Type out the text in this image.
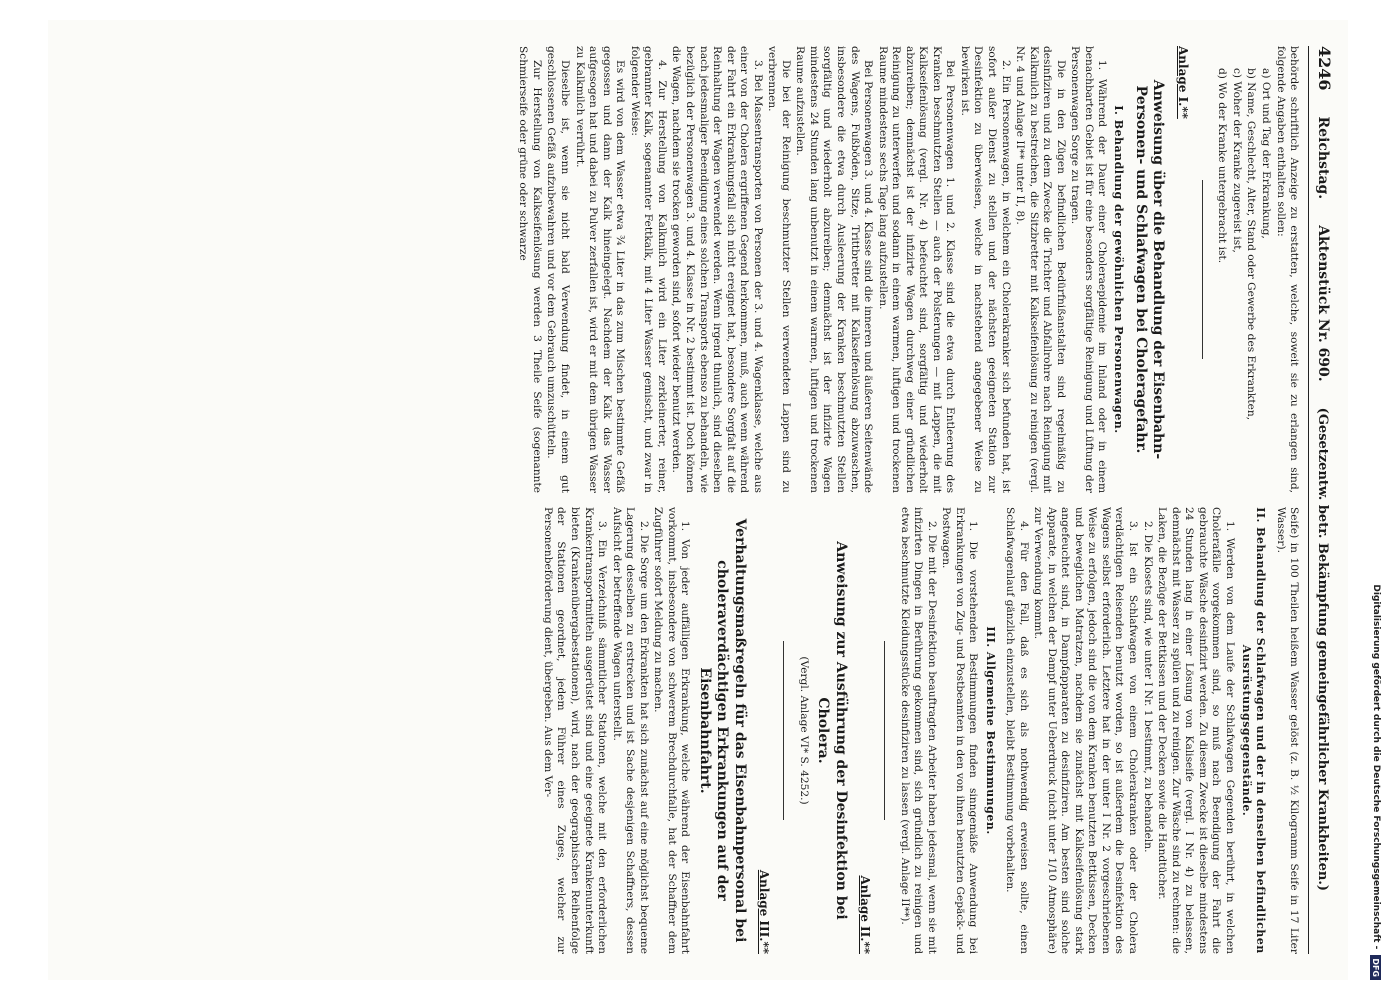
4246
Reichstag.
Aktenstück Nr. 690.
(Gesetzentw. betr. Bekämpfung gemeingefährlicher Krankheiten.)

behörde schriftlich Anzeige zu erstatten, welche, soweit sie zu erlangen sind, folgende Angaben enthalten sollen:

a) Ort und Tag der Erkrankung,

b) Name, Geschlecht, Alter, Stand oder Gewerbe des Erkrankten,

c) Woher der Kranke zugereist ist,

d) Wo der Kranke untergebracht ist.

Anlage I.**
Anweisung über die Behandlung der Eisenbahn-Personen- und Schlafwagen bei Choleragefahr.
I. Behandlung der gewöhnlichen Personenwagen.

1. Während der Dauer einer Choleraepidemie im Inland oder in einem benachbarten Gebiet ist für eine besonders sorgfältige Reinigung und Lüftung der Personenwagen Sorge zu tragen.

Die in den Zügen befindlichen Bedürfnißanstalten sind regelmäßig zu desinfiziren und zu dem Zwecke die Trichter und Abfallrohre nach Reinigung mit Kalkmilch zu bestreichen, die Sitzbretter mit Kalkseifenlösung zu reinigen (vergl. Nr. 4 und Anlage II** unter II, 8).

2. Ein Personenwagen, in welchem ein Cholerakranker sich befunden hat, ist sofort außer Dienst zu stellen und der nächsten geeigneten Station zur Desinfektion zu überweisen, welche in nachstehend angegebener Weise zu bewirken ist.

Bei Personenwagen 1. und 2. Klasse sind die etwa durch Entleerung des Kranken beschmutzten Stellen — auch der Polsterungen — mit Lappen, die mit Kalkseifenlösung (vergl. Nr. 4) befeuchtet sind, sorgfältig und wiederholt abzureiben; demnächst ist der infizirte Wagen durchweg einer gründlichen Reinigung zu unterwerfen und sodann in einem warmen, luftigen und trockenen Raume mindestens sechs Tage lang aufzustellen.

Bei Personenwagen 3. und 4. Klasse sind die inneren und äußeren Seitenwände des Wagens, Fußböden, Sitze, Trittbretter mit Kalkseifenlösung abzuwaschen, insbesondere die etwa durch Ausleerung der Kranken beschmutzten Stellen sorgfältig und wiederholt abzureiben; demnächst ist der infizirte Wagen mindestens 24 Stunden lang unbenutzt in einem warmen, luftigen und trockenen Raume aufzustellen.

Die bei der Reinigung beschmutzter Stellen verwendeten Lappen sind zu verbrennen.

3. Bei Massentransporten von Personen der 3. und 4. Wagenklasse, welche aus einer von der Cholera ergriffenen Gegend herkommen, muß, auch wenn während der Fahrt ein Erkrankungsfall sich nicht ereignet hat, besondere Sorgfalt auf die Reinhaltung der Wagen verwendet werden. Wenn irgend thunlich, sind dieselben nach jedesmaliger Beendigung eines solchen Transports ebenso zu behandeln, wie bezüglich der Personenwagen 3. und 4. Klasse in Nr. 2 bestimmt ist. Doch können die Wagen, nachdem sie trocken geworden sind, sofort wieder benutzt werden.

4. Zur Herstellung von Kalkmilch wird ein Liter zerkleinerter, reiner, gebrannter Kalk, sogenannter Fettkalk, mit 4 Liter Wasser gemischt, und zwar in folgender Weise:

Es wird von dem Wasser etwa ¾ Liter in das zum Mischen bestimmte Gefäß gegossen und dann der Kalk hineingelegt. Nachdem der Kalk das Wasser aufgesogen hat und dabei zu Pulver zerfallen ist, wird er mit dem übrigen Wasser zu Kalkmilch verrührt.

Dieselbe ist, wenn sie nicht bald Verwendung findet, in einem gut geschlossenen Gefäß aufzubewahren und vor dem Gebrauch umzuschütteln.

Zur Herstellung von Kalkseifenlösung werden 3 Theile Seife (sogenannte Schmierseife oder grüne oder schwarze

Seife) in 100 Theilen heißem Wasser gelöst (z. B. ½ Kilogramm Seife in 17 Liter Wasser).

II. Behandlung der Schlafwagen und der in denselben befindlichen Ausrüstungsgegenstände.

1. Werden von dem Laufe der Schlafwagen Gegenden berührt, in welchen Cholerafälle vorgekommen sind, so muß nach Beendigung der Fahrt die gebrauchte Wäsche desinfizirt werden. Zu diesem Zwecke ist dieselbe mindestens 24 Stunden lang in einer Lösung von Kaliseife (vergl. I Nr. 4) zu belassen, demnächst mit Wasser zu spülen und zu reinigen. Zur Wäsche sind zu rechnen: die Laken, die Bezüge der Bettkissen und der Decken sowie die Handtücher.

2. Die Klosets sind, wie unter I Nr. 1 bestimmt, zu behandeln.

3. Ist ein Schlafwagen von einem Cholerakranken oder der Cholera verdächtigen Reisenden benutzt worden, so ist außerdem die Desinfektion des Wagens selbst erforderlich. Letztere hat in der unter I Nr. 2 vorgeschriebenen Weise zu erfolgen, jedoch sind die von dem Kranken benutzten Bettkissen, Decken und beweglichen Matratzen, nachdem sie zunächst mit Kalkseifenlösung stark angefeuchtet sind, in Dampfapparaten zu desinfiziren. Am besten sind solche Apparate, in welchen der Dampf unter Ueberdruck (nicht unter 1/10 Atmosphäre) zur Verwendung kommt.

4. Für den Fall, daß es sich als nothwendig erweisen sollte, einen Schlafwagenlauf gänzlich einzustellen, bleibt Bestimmung vorbehalten.

III. Allgemeine Bestimmungen.

1. Die vorstehenden Bestimmungen finden sinngemäße Anwendung bei Erkrankungen von Zug- und Postbeamten in den von ihnen benutzten Gepäck- und Postwagen.

2. Die mit der Desinfektion beauftragten Arbeiter haben jedesmal, wenn sie mit infizirten Dingen in Berührung gekommen sind, sich gründlich zu reinigen und etwa beschmutzte Kleidungsstücke desinfiziren zu lassen (vergl. Anlage II**).

Anlage II.**
Anweisung zur Ausführung der Desinfektion bei Cholera.
(Vergl. Anlage VI* S. 4252.)
Anlage III.**
Verhaltungsmaßregeln für das Eisenbahnpersonal bei choleraverdächtigen Erkrankungen auf der Eisenbahnfahrt.

1. Von jeder auffälligen Erkrankung, welche während der Eisenbahnfahrt vorkommt, insbesondere von schwerem Brechdurchfalle, hat der Schaffner dem Zugführer sofort Meldung zu machen.

2. Die Sorge um den Erkrankten hat sich zunächst auf eine möglichst bequeme Lagerung desselben zu erstrecken und ist Sache desjenigen Schaffners, dessen Aufsicht der betreffende Wagen unterstellt.

3. Ein Verzeichniß sämmtlicher Stationen, welche mit den erforderlichen Krankentransportmitteln ausgerüstet sind und eine geeignete Krankenunterkunft bieten (Krankenübergabestationen), wird, nach der geographischen Reihenfolge der Stationen geordnet, jedem Führer eines Zuges, welcher zur Personenbeförderung dient, übergeben. Aus dem Ver-	Digitalisierung gefördert durch die Deutsche Forschungsgemeinschaft -
DFG
